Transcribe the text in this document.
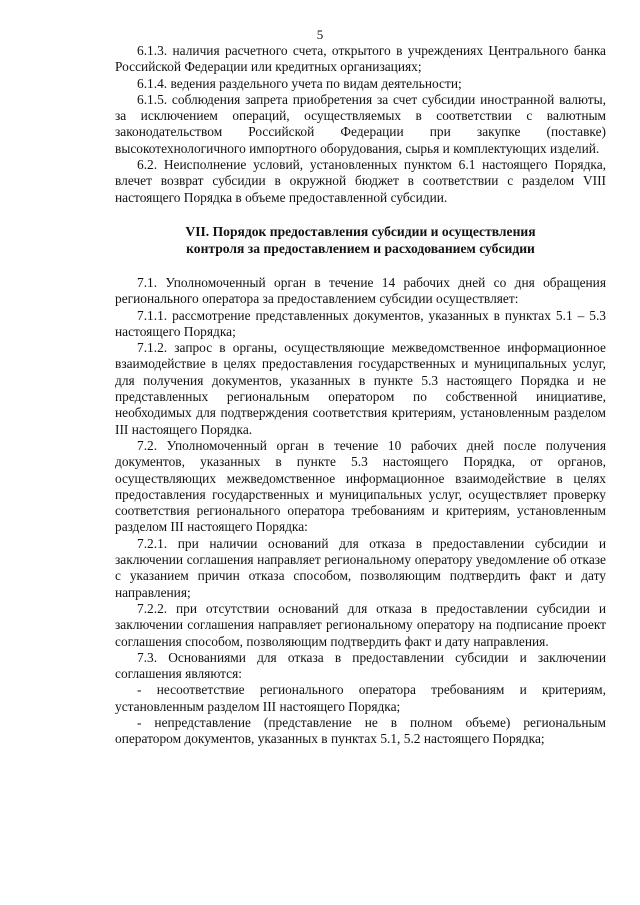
5

6.1.3. наличия расчетного счета, открытого в учреждениях Центрального банка Российской Федерации или кредитных организациях;

6.1.4. ведения раздельного учета по видам деятельности;

6.1.5. соблюдения запрета приобретения за счет субсидии иностранной валюты, за исключением операций, осуществляемых в соответствии с валютным законодательством Российской Федерации при закупке (поставке) высокотехнологичного импортного оборудования, сырья и комплектующих изделий.

6.2. Неисполнение условий, установленных пунктом 6.1 настоящего Порядка, влечет возврат субсидии в окружной бюджет в соответствии с разделом VIII настоящего Порядка в объеме предоставленной субсидии.

VII. Порядок предоставления субсидии и осуществления
контроля за предоставлением и расходованием субсидии

7.1. Уполномоченный орган в течение 14 рабочих дней со дня обращения регионального оператора за предоставлением субсидии осуществляет:

7.1.1. рассмотрение представленных документов, указанных в пунктах 5.1 – 5.3 настоящего Порядка;

7.1.2. запрос в органы, осуществляющие межведомственное информационное взаимодействие в целях предоставления государственных и муниципальных услуг, для получения документов, указанных в пункте 5.3 настоящего Порядка и не представленных региональным оператором по собственной инициативе, необходимых для подтверждения соответствия критериям, установленным разделом III настоящего Порядка.

7.2. Уполномоченный орган в течение 10 рабочих дней после получения документов, указанных в пункте 5.3 настоящего Порядка, от органов, осуществляющих межведомственное информационное взаимодействие в целях предоставления государственных и муниципальных услуг, осуществляет проверку соответствия регионального оператора требованиям и критериям, установленным разделом III настоящего Порядка:

7.2.1. при наличии оснований для отказа в предоставлении субсидии и заключении соглашения направляет региональному оператору уведомление об отказе с указанием причин отказа способом, позволяющим подтвердить факт и дату направления;

7.2.2. при отсутствии оснований для отказа в предоставлении субсидии и заключении соглашения направляет региональному оператору на подписание проект соглашения способом, позволяющим подтвердить факт и дату направления.

7.3. Основаниями для отказа в предоставлении субсидии и заключении соглашения являются:

- несоответствие регионального оператора требованиям и критериям, установленным разделом III настоящего Порядка;

- непредставление (представление не в полном объеме) региональным оператором документов, указанных в пунктах 5.1, 5.2 настоящего Порядка;
